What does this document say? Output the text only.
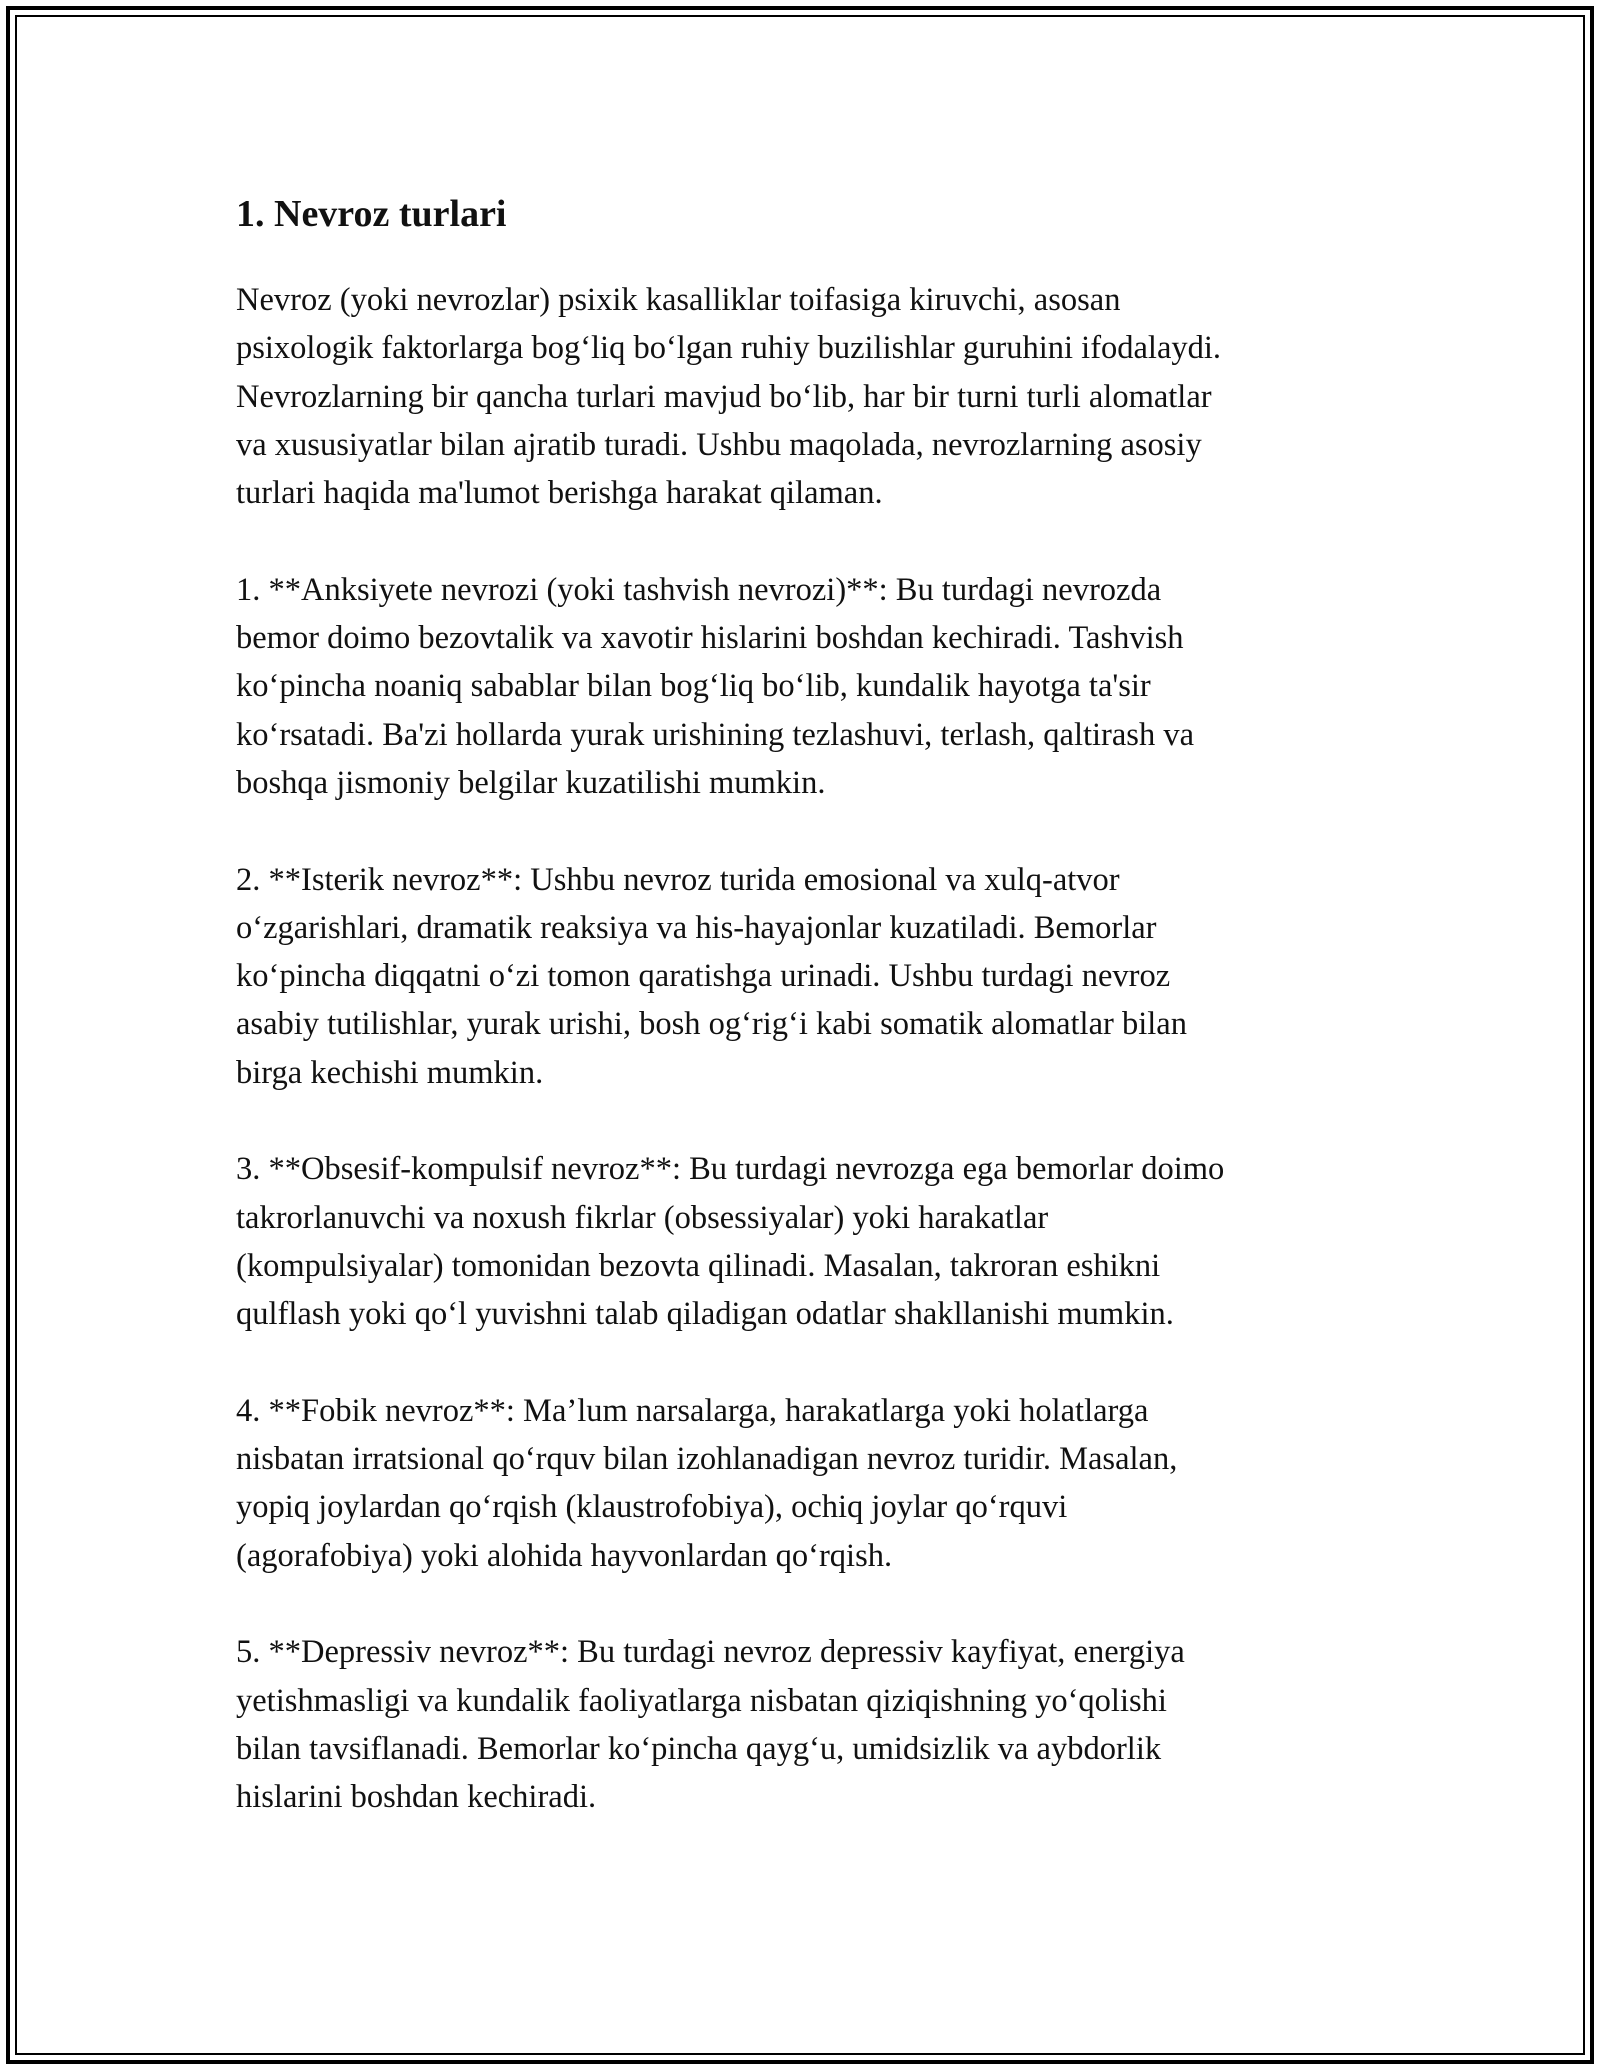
1. Nevroz turlari

Nevroz (yoki nevrozlar) psixik kasalliklar toifasiga kiruvchi, asosan
psixologik faktorlarga bog‘liq bo‘lgan ruhiy buzilishlar guruhini ifodalaydi.
Nevrozlarning bir qancha turlari mavjud bo‘lib, har bir turni turli alomatlar
va xususiyatlar bilan ajratib turadi. Ushbu maqolada, nevrozlarning asosiy
turlari haqida ma'lumot berishga harakat qilaman.

1. **Anksiyete nevrozi (yoki tashvish nevrozi)**: Bu turdagi nevrozda
bemor doimo bezovtalik va xavotir hislarini boshdan kechiradi. Tashvish
ko‘pincha noaniq sabablar bilan bog‘liq bo‘lib, kundalik hayotga ta'sir
ko‘rsatadi. Ba'zi hollarda yurak urishining tezlashuvi, terlash, qaltirash va
boshqa jismoniy belgilar kuzatilishi mumkin.

2. **Isterik nevroz**: Ushbu nevroz turida emosional va xulq-atvor
o‘zgarishlari, dramatik reaksiya va his-hayajonlar kuzatiladi. Bemorlar
ko‘pincha diqqatni o‘zi tomon qaratishga urinadi. Ushbu turdagi nevroz
asabiy tutilishlar, yurak urishi, bosh og‘rig‘i kabi somatik alomatlar bilan
birga kechishi mumkin.

3. **Obsesif-kompulsif nevroz**: Bu turdagi nevrozga ega bemorlar doimo
takrorlanuvchi va noxush fikrlar (obsessiyalar) yoki harakatlar
(kompulsiyalar) tomonidan bezovta qilinadi. Masalan, takroran eshikni
qulflash yoki qo‘l yuvishni talab qiladigan odatlar shakllanishi mumkin.

4. **Fobik nevroz**: Ma’lum narsalarga, harakatlarga yoki holatlarga
nisbatan irratsional qo‘rquv bilan izohlanadigan nevroz turidir. Masalan,
yopiq joylardan qo‘rqish (klaustrofobiya), ochiq joylar qo‘rquvi
(agorafobiya) yoki alohida hayvonlardan qo‘rqish.

5. **Depressiv nevroz**: Bu turdagi nevroz depressiv kayfiyat, energiya
yetishmasligi va kundalik faoliyatlarga nisbatan qiziqishning yo‘qolishi
bilan tavsiflanadi. Bemorlar ko‘pincha qayg‘u, umidsizlik va aybdorlik
hislarini boshdan kechiradi.
